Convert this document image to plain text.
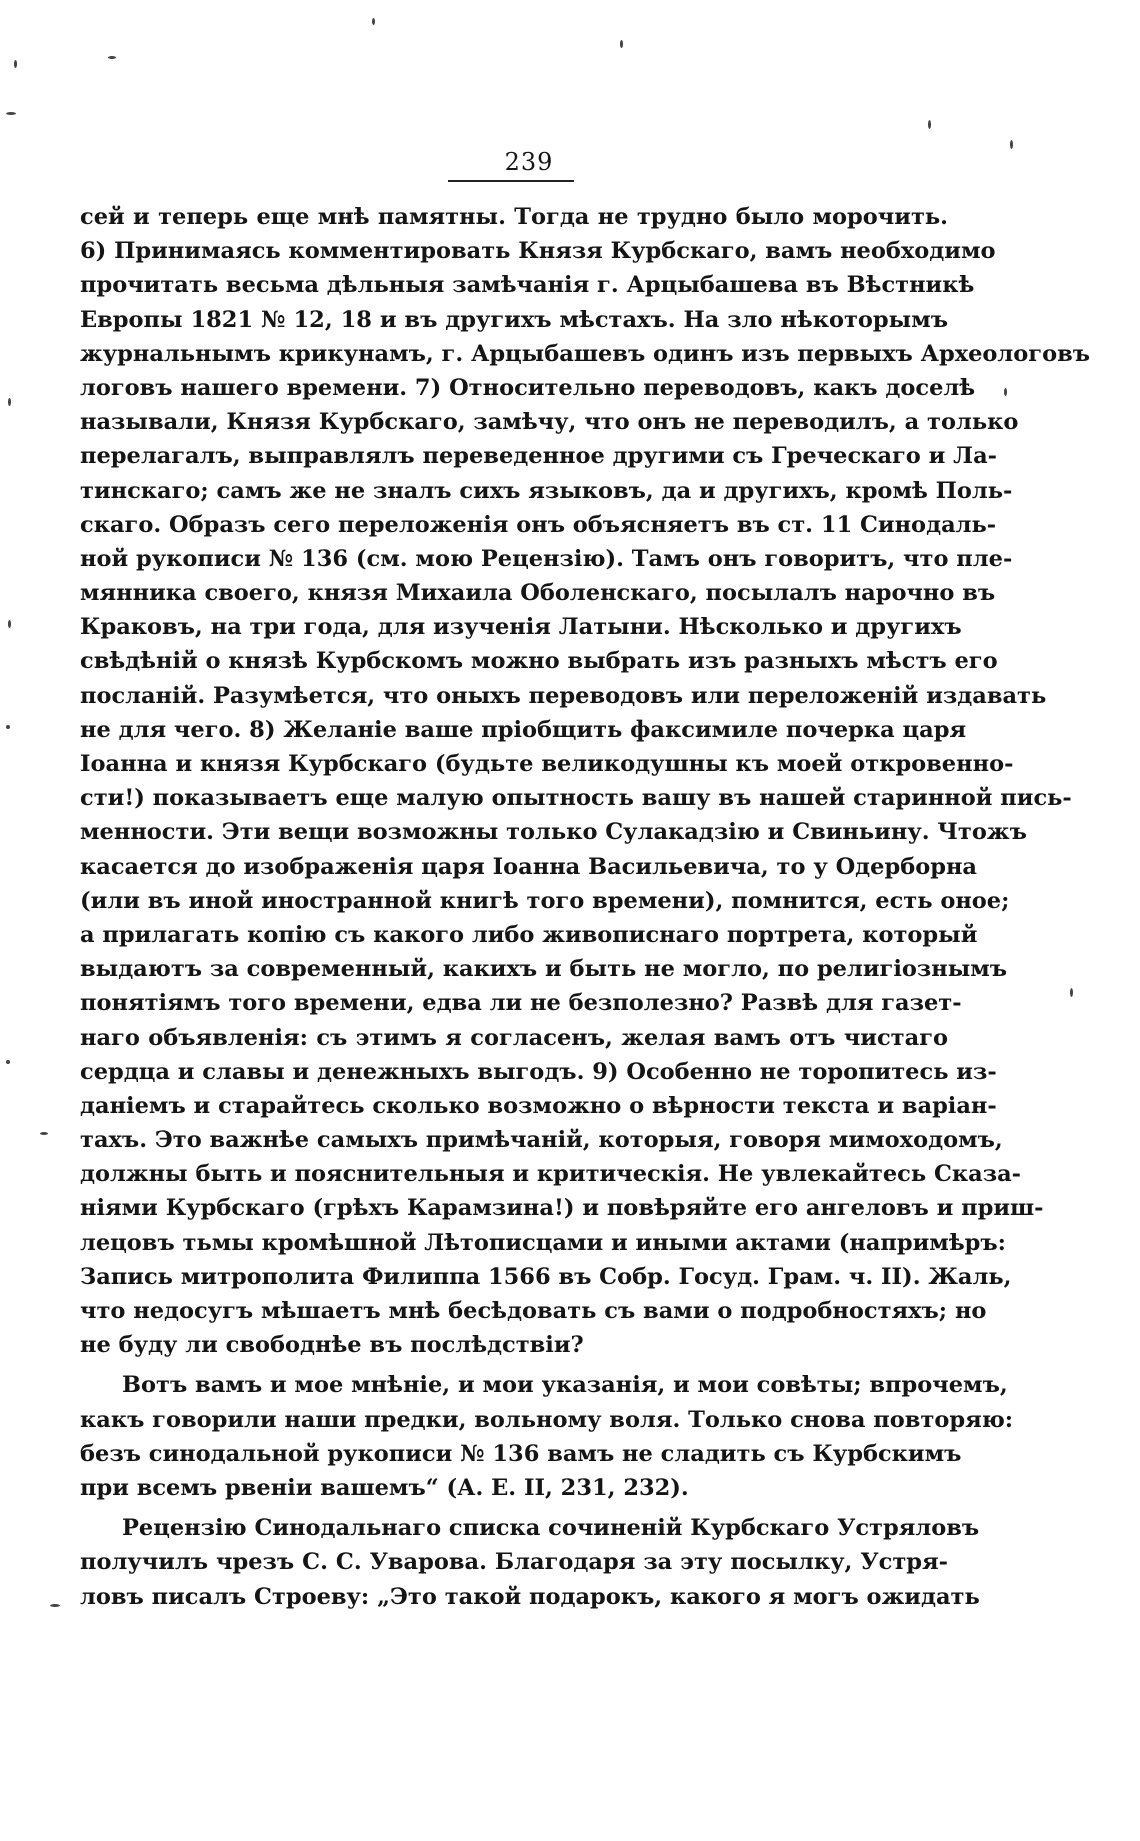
239
сей и теперь еще мнѣ памятны. Тогда не трудно было морочить.
6) Принимаясь комментировать Князя Курбскаго, вамъ необходимо
прочитать весьма дѣльныя замѣчанія г. Арцыбашева въ Вѣстникѣ
Европы 1821 № 12, 18 и въ другихъ мѣстахъ. На зло нѣкоторымъ
журнальнымъ крикунамъ, г. Арцыбашевъ одинъ изъ первыхъ Археологовъ
логовъ нашего времени. 7) Относительно переводовъ, какъ доселѣ
называли, Князя Курбскаго, замѣчу, что онъ не переводилъ, а только
перелагалъ, выправлялъ переведенное другими съ Греческаго и Ла-
тинскаго; самъ же не зналъ сихъ языковъ, да и другихъ, кромѣ Поль-
скаго. Образъ сего переложенія онъ объясняетъ въ ст. 11 Синодаль-
ной рукописи № 136 (см. мою Рецензію). Тамъ онъ говоритъ, что пле-
мянника своего, князя Михаила Оболенскаго, посылалъ нарочно въ
Краковъ, на три года, для изученія Латыни. Нѣсколько и другихъ
свѣдѣній о князѣ Курбскомъ можно выбрать изъ разныхъ мѣстъ его
посланій. Разумѣется, что оныхъ переводовъ или переложеній издавать
не для чего. 8) Желаніе ваше пріобщить факсимиле почерка царя
Іоанна и князя Курбскаго (будьте великодушны къ моей откровенно-
сти!) показываетъ еще малую опытность вашу въ нашей старинной пись-
менности. Эти вещи возможны только Сулакадзію и Свиньину. Чтожъ
касается до изображенія царя Іоанна Васильевича, то у Одерборна
(или въ иной иностранной книгѣ того времени), помнится, есть оное;
а прилагать копію съ какого либо живописнаго портрета, который
выдаютъ за современный, какихъ и быть не могло, по религіознымъ
понятіямъ того времени, едва ли не безполезно? Развѣ для газет-
наго объявленія: съ этимъ я согласенъ, желая вамъ отъ чистаго
сердца и славы и денежныхъ выгодъ. 9) Особенно не торопитесь из-
даніемъ и старайтесь сколько возможно о вѣрности текста и варіан-
тахъ. Это важнѣе самыхъ примѣчаній, которыя, говоря мимоходомъ,
должны быть и пояснительныя и критическія. Не увлекайтесь Сказа-
ніями Курбскаго (грѣхъ Карамзина!) и повѣряйте его ангеловъ и приш-
лецовъ тьмы кромѣшной Лѣтописцами и иными актами (напримѣръ:
Запись митрополита Филиппа 1566 въ Собр. Госуд. Грам. ч. II). Жаль,
что недосугъ мѣшаетъ мнѣ бесѣдовать съ вами о подробностяхъ; но
не буду ли свободнѣе въ послѣдствіи?
Вотъ вамъ и мое мнѣніе, и мои указанія, и мои совѣты; впрочемъ,
какъ говорили наши предки, вольному воля. Только снова повторяю:
безъ синодальной рукописи № 136 вамъ не сладить съ Курбскимъ
при всемъ рвеніи вашемъ“ (А. Е. II, 231, 232).
Рецензію Синодальнаго списка сочиненій Курбскаго Устряловъ
получилъ чрезъ С. С. Уварова. Благодаря за эту посылку, Устря-
ловъ писалъ Строеву: „Это такой подарокъ, какого я могъ ожидать
